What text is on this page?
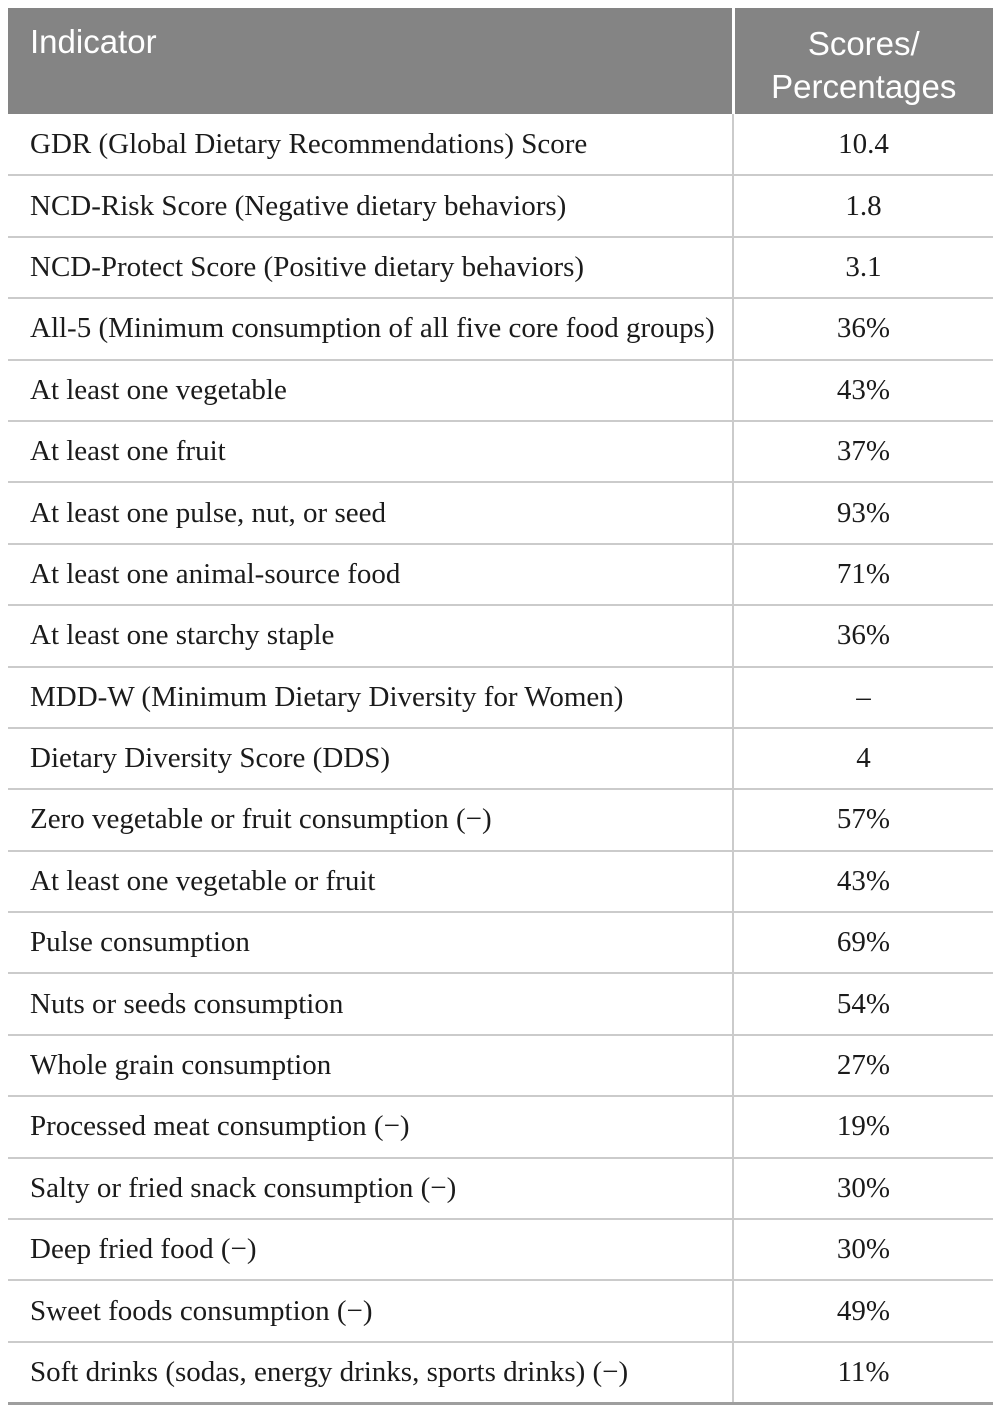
Indicator	Scores/
Percentages
GDR (Global Dietary Recommendations) Score	10.4
NCD-Risk Score (Negative dietary behaviors)	1.8
NCD-Protect Score (Positive dietary behaviors)	3.1
All-5 (Minimum consumption of all five core food groups)	36%
At least one vegetable	43%
At least one fruit	37%
At least one pulse, nut, or seed	93%
At least one animal-source food	71%
At least one starchy staple	36%
MDD-W (Minimum Dietary Diversity for Women)	–
Dietary Diversity Score (DDS)	4
Zero vegetable or fruit consumption (−)	57%
At least one vegetable or fruit	43%
Pulse consumption	69%
Nuts or seeds consumption	54%
Whole grain consumption	27%
Processed meat consumption (−)	19%
Salty or fried snack consumption (−)	30%
Deep fried food (−)	30%
Sweet foods consumption (−)	49%
Soft drinks (sodas, energy drinks, sports drinks) (−)	11%
